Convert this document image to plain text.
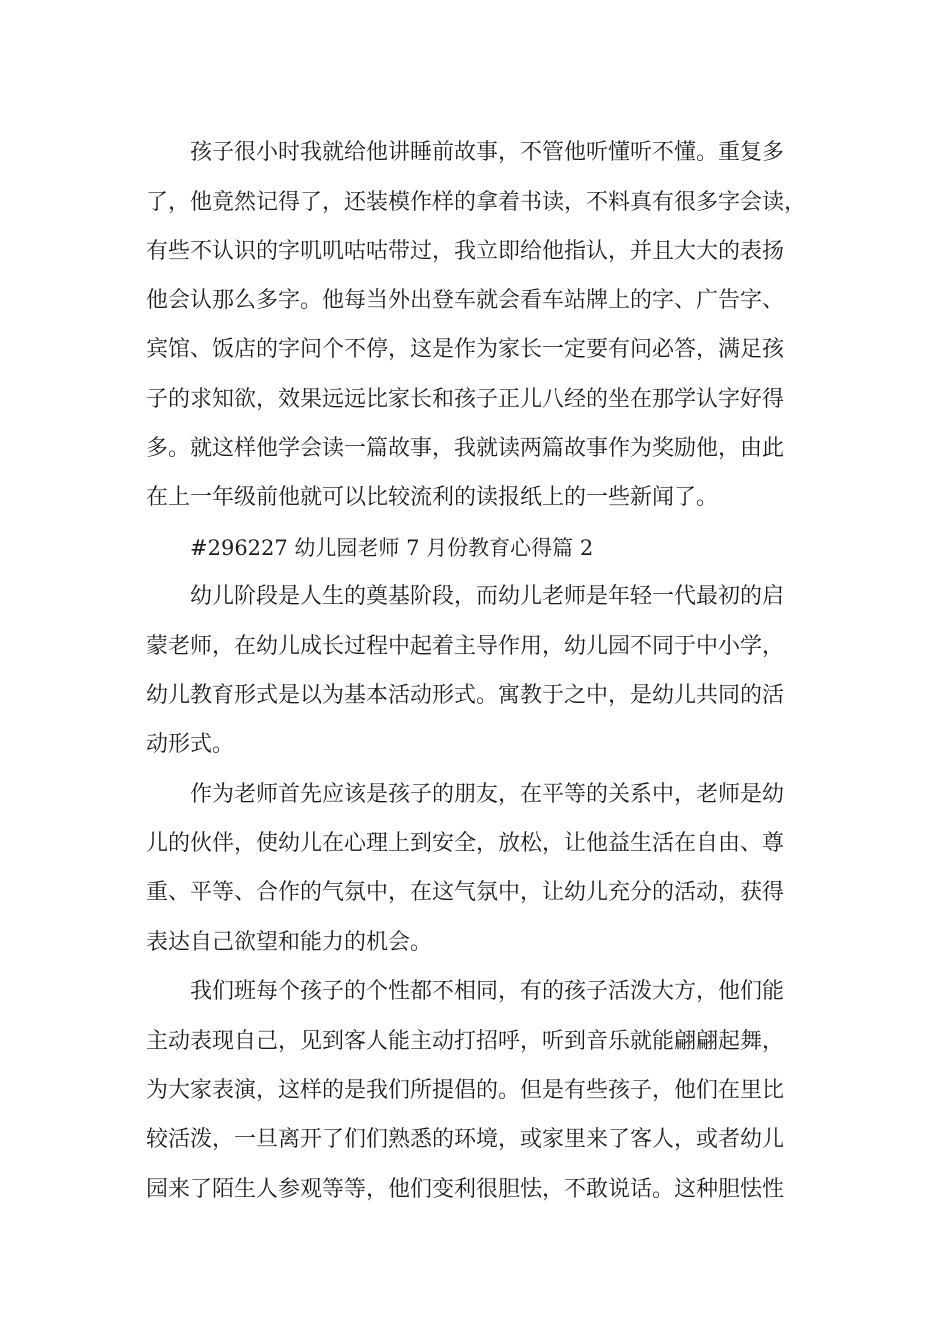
孩子很小时我就给他讲睡前故事，不管他听懂听不懂。重复多
了，他竟然记得了，还装模作样的拿着书读，不料真有很多字会读，
有些不认识的字叽叽咕咕带过，我立即给他指认，并且大大的表扬
他会认那么多字。他每当外出登车就会看车站牌上的字、广告字、
宾馆、饭店的字问个不停，这是作为家长一定要有问必答，满足孩
子的求知欲，效果远远比家长和孩子正儿八经的坐在那学认字好得
多。就这样他学会读一篇故事，我就读两篇故事作为奖励他，由此
在上一年级前他就可以比较流利的读报纸上的一些新闻了。
#296227 幼儿园老师 7 月份教育心得篇 2
幼儿阶段是人生的奠基阶段，而幼儿老师是年轻一代最初的启
蒙老师，在幼儿成长过程中起着主导作用，幼儿园不同于中小学，
幼儿教育形式是以为基本活动形式。寓教于之中，是幼儿共同的活
动形式。
作为老师首先应该是孩子的朋友，在平等的关系中，老师是幼
儿的伙伴，使幼儿在心理上到安全，放松，让他益生活在自由、尊
重、平等、合作的气氛中，在这气氛中，让幼儿充分的活动，获得
表达自己欲望和能力的机会。
我们班每个孩子的个性都不相同，有的孩子活泼大方，他们能
主动表现自己，见到客人能主动打招呼，听到音乐就能翩翩起舞，
为大家表演，这样的是我们所提倡的。但是有些孩子，他们在里比
较活泼，一旦离开了们们熟悉的环境，或家里来了客人，或者幼儿
园来了陌生人参观等等，他们变利很胆怯，不敢说话。这种胆怯性
